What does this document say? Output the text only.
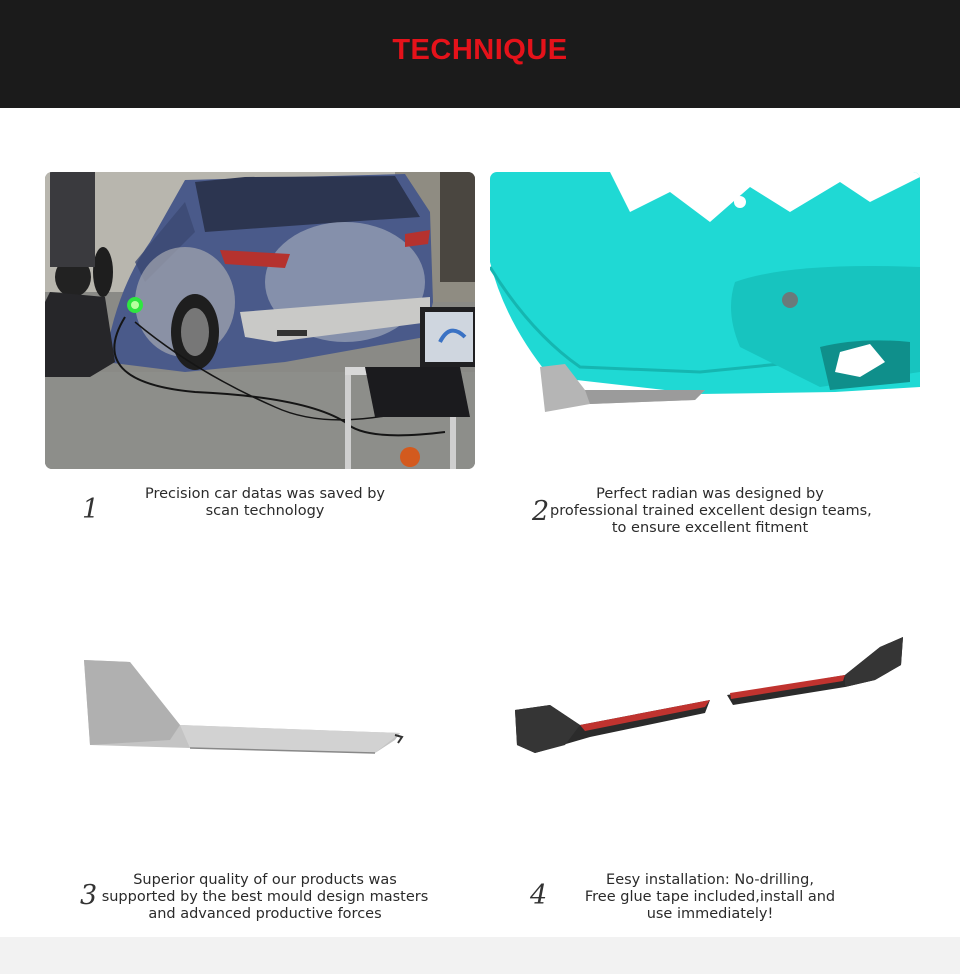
TECHNIQUE
1	Precision car datas was saved by
scan technology	2
Perfect radian was designed by
professional trained excellent design teams,
to ensure excellent fitment
3	Superior quality of our products was
supported by the best mould design masters
and advanced productive forces
4	Eesy installation: No-drilling,
Free glue tape included,install and
use immediately!
